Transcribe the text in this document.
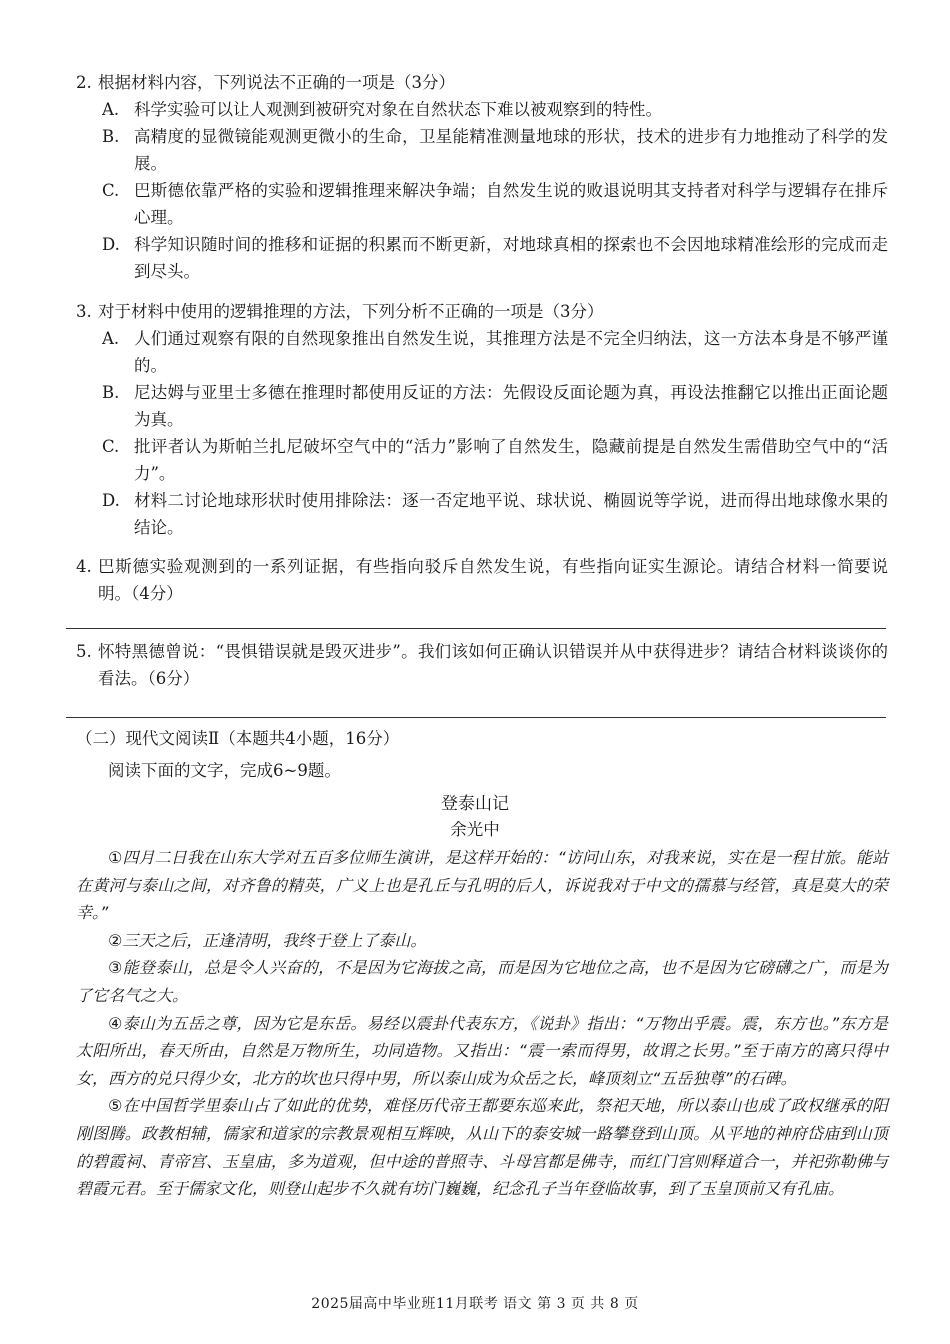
2. 根据材料内容，下列说法不正确的一项是（3分）
A. 科学实验可以让人观测到被研究对象在自然状态下难以被观察到的特性。
B. 高精度的显微镜能观测更微小的生命，卫星能精准测量地球的形状，技术的进步有力地推动了科学的发展。
C. 巴斯德依靠严格的实验和逻辑推理来解决争端；自然发生说的败退说明其支持者对科学与逻辑存在排斥心理。
D. 科学知识随时间的推移和证据的积累而不断更新，对地球真相的探索也不会因地球精准绘形的完成而走到尽头。
3. 对于材料中使用的逻辑推理的方法，下列分析不正确的一项是（3分）
A. 人们通过观察有限的自然现象推出自然发生说，其推理方法是不完全归纳法，这一方法本身是不够严谨的。
B. 尼达姆与亚里士多德在推理时都使用反证的方法：先假设反面论题为真，再设法推翻它以推出正面论题为真。
C. 批评者认为斯帕兰扎尼破坏空气中的“活力”影响了自然发生，隐藏前提是自然发生需借助空气中的“活力”。
D. 材料二讨论地球形状时使用排除法：逐一否定地平说、球状说、椭圆说等学说，进而得出地球像水果的结论。
4. 巴斯德实验观测到的一系列证据，有些指向驳斥自然发生说，有些指向证实生源论。请结合材料一简要说明。（4分）
5. 怀特黑德曾说：“畏惧错误就是毁灭进步”。我们该如何正确认识错误并从中获得进步？请结合材料谈谈你的看法。（6分）
（二）现代文阅读Ⅱ（本题共4小题，16分）
阅读下面的文字，完成6~9题。
登泰山记
余光中

①四月二日我在山东大学对五百多位师生演讲，是这样开始的：“访问山东，对我来说，实在是一程甘旅。能站在黄河与泰山之间，对齐鲁的精英，广义上也是孔丘与孔明的后人，诉说我对于中文的孺慕与经管，真是莫大的荣幸。”

②三天之后，正逢清明，我终于登上了泰山。

③能登泰山，总是令人兴奋的，不是因为它海拔之高，而是因为它地位之高，也不是因为它磅礴之广，而是为了它名气之大。

④泰山为五岳之尊，因为它是东岳。易经以震卦代表东方，《说卦》指出：“万物出乎震。震，东方也。”东方是太阳所出，春天所由，自然是万物所生，功同造物。又指出：“震一索而得男，故谓之长男。”至于南方的离只得中女，西方的兑只得少女，北方的坎也只得中男，所以泰山成为众岳之长，峰顶刻立“五岳独尊”的石碑。

⑤在中国哲学里泰山占了如此的优势，难怪历代帝王都要东巡来此，祭祀天地，所以泰山也成了政权继承的阳刚图腾。政教相辅，儒家和道家的宗教景观相互辉映，从山下的泰安城一路攀登到山顶。从平地的神府岱庙到山顶的碧霞祠、青帝宫、玉皇庙，多为道观，但中途的普照寺、斗母宫都是佛寺，而红门宫则释道合一，并祀弥勒佛与碧霞元君。至于儒家文化，则登山起步不久就有坊门巍巍，纪念孔子当年登临故事，到了玉皇顶前又有孔庙。

2025届高中毕业班11月联考 语文 第 3 页 共 8 页
